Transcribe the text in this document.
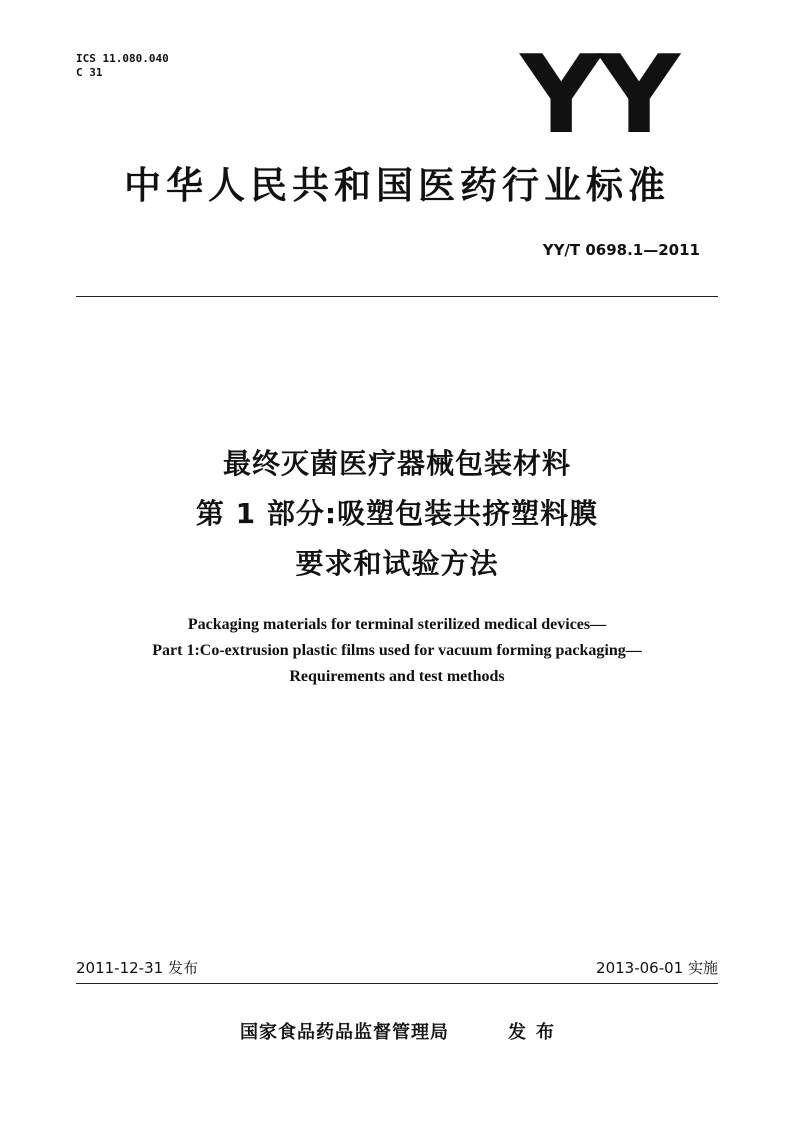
ICS 11.080.040
C 31	YY
中华人民共和国医药行业标准
YY/T 0698.1—2011
最终灭菌医疗器械包装材料
第 1 部分:吸塑包装共挤塑料膜
要求和试验方法
Packaging materials for terminal sterilized medical devices—
Part 1:Co-extrusion plastic films used for vacuum forming packaging—
Requirements and test methods
2011-12-31 发布	2013-06-01 实施
国家食品药品监督管理局	发布
